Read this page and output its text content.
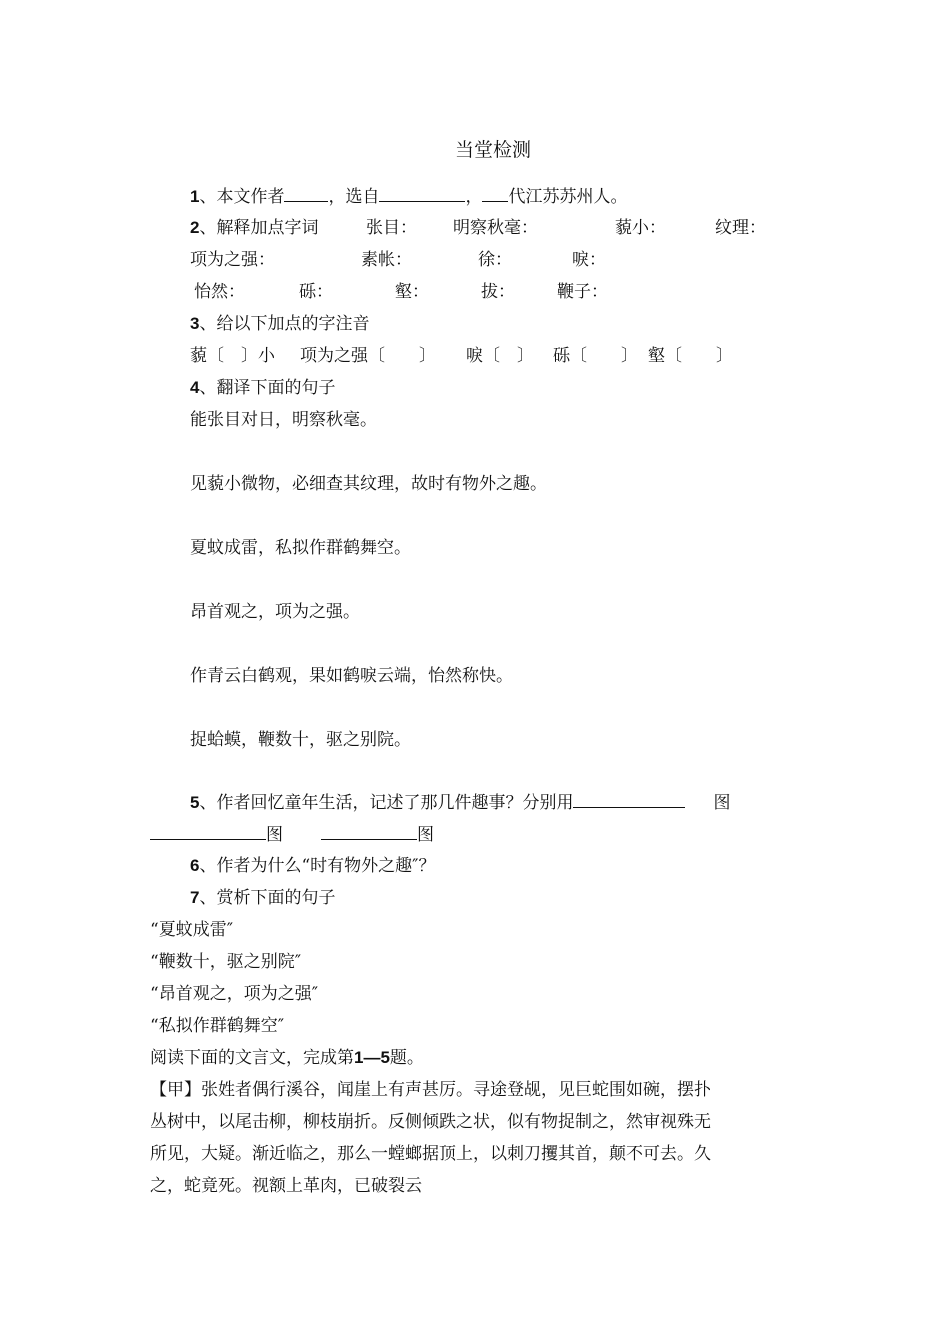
当堂检测
1、本文作者	，选自	， 代江苏苏州人。
2、解释加点字词	张目： 明察秋毫：	藐小：	纹理：
项为之强：	素帐：	徐：	唳：
怡然：	砾：	壑：	拔： 鞭子：
3、给以下加点的字注音
藐〔　〕小 项为之强〔　　〕 唳〔　〕 砾〔　　〕 壑〔　　〕
4、翻译下面的句子
能张目对日，明察秋毫。
见藐小微物，必细查其纹理，故时有物外之趣。
夏蚊成雷，私拟作群鹤舞空。
昂首观之，项为之强。
作青云白鹤观，果如鹤唳云端，怡然称快。
捉蛤蟆，鞭数十，驱之别院。
5、作者回忆童年生活，记述了那几件趣事？分别用	图
图	图
6、作者为什么“时有物外之趣″？
7、赏析下面的句子
“夏蚊成雷″
“鞭数十，驱之别院″
“昂首观之，项为之强″
“私拟作群鹤舞空″
阅读下面的文言文，完成第1—5题。
【甲】张姓者偶行溪谷，闻崖上有声甚厉。寻途登觇，见巨蛇围如碗，摆扑
丛树中，以尾击柳，柳枝崩折。反侧倾跌之状，似有物捉制之，然审视殊无
所见，大疑。渐近临之，那么一螳螂据顶上，以刺刀攫其首，颠不可去。久
之，蛇竟死。视额上革肉，已破裂云
